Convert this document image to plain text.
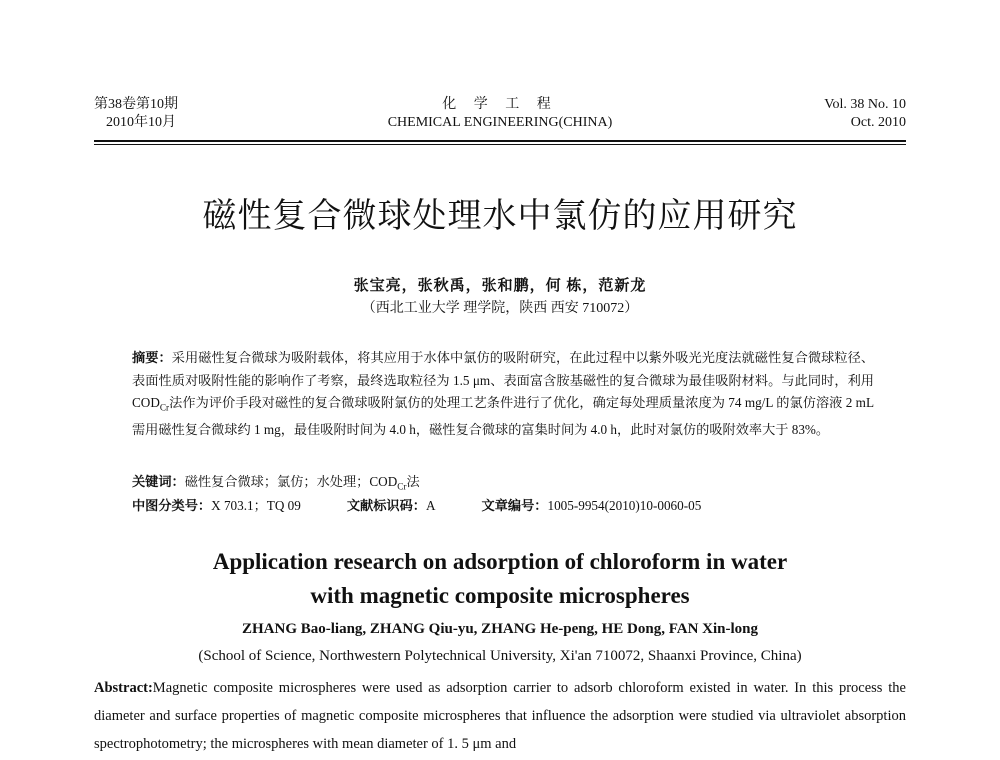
第38卷第10期
2010年10月
化 学 工 程
CHEMICAL ENGINEERING(CHINA)
Vol. 38 No. 10
Oct. 2010
磁性复合微球处理水中氯仿的应用研究
张宝亮，张秋禹，张和鹏，何 栋，范新龙
（西北工业大学 理学院，陕西 西安 710072）
摘要：采用磁性复合微球为吸附载体，将其应用于水体中氯仿的吸附研究，在此过程中以紫外吸光光度法就磁性复合微球粒径、表面性质对吸附性能的影响作了考察，最终选取粒径为 1.5 μm、表面富含胺基磁性的复合微球为最佳吸附材料。与此同时，利用 $COD_{Cr}$法作为评价手段对磁性的复合微球吸附氯仿的处理工艺条件进行了优化，确定每处理质量浓度为 74 mg/L 的氯仿溶液 2 mL 需用磁性复合微球约 1 mg，最佳吸附时间为 4.0 h，磁性复合微球的富集时间为 4.0 h，此时对氯仿的吸附效率大于 83%。
关键词：磁性复合微球；氯仿；水处理；$COD_{Cr}$法
中图分类号：X 703.1；TQ 09	文献标识码：A	文章编号：1005-9954(2010)10-0060-05
Application research on adsorption of chloroform in water
with magnetic composite microspheres
ZHANG Bao-liang, ZHANG Qiu-yu, ZHANG He-peng, HE Dong, FAN Xin-long
(School of Science, Northwestern Polytechnical University, Xi'an 710072, Shaanxi Province, China)
Abstract:Magnetic composite microspheres were used as adsorption carrier to adsorb chloroform existed in water. In this process the diameter and surface properties of magnetic composite microspheres that influence the adsorption were studied via ultraviolet absorption spectrophotometry; the microspheres with mean diameter of 1. 5 μm and
